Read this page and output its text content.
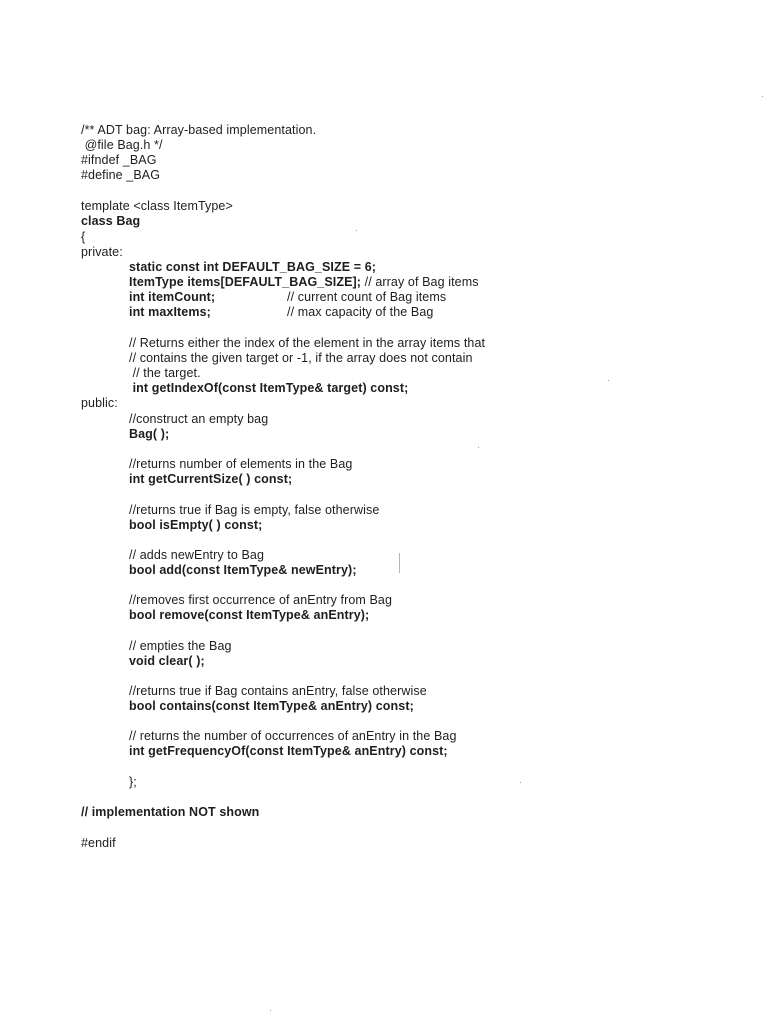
/** ADT bag: Array-based implementation.
@file Bag.h */
#ifndef _BAG
#define _BAG
template <class ItemType>
class Bag
{
private:
static const int DEFAULT_BAG_SIZE = 6;
ItemType items[DEFAULT_BAG_SIZE]; // array of Bag items
int itemCount;	// current count of Bag items
int maxItems;	// max capacity of the Bag
// Returns either the index of the element in the array items that
// contains the given target or -1, if the array does not contain
// the target.
int getIndexOf(const ItemType& target) const;
public:
//construct an empty bag
Bag( );
//returns number of elements in the Bag
int getCurrentSize( ) const;
//returns true if Bag is empty, false otherwise
bool isEmpty( ) const;
// adds newEntry to Bag
bool add(const ItemType& newEntry);
//removes first occurrence of anEntry from Bag
bool remove(const ItemType& anEntry);
// empties the Bag
void clear( );
//returns true if Bag contains anEntry, false otherwise
bool contains(const ItemType& anEntry) const;
// returns the number of occurrences of anEntry in the Bag
int getFrequencyOf(const ItemType& anEntry) const;
};
// implementation NOT shown
#endif
